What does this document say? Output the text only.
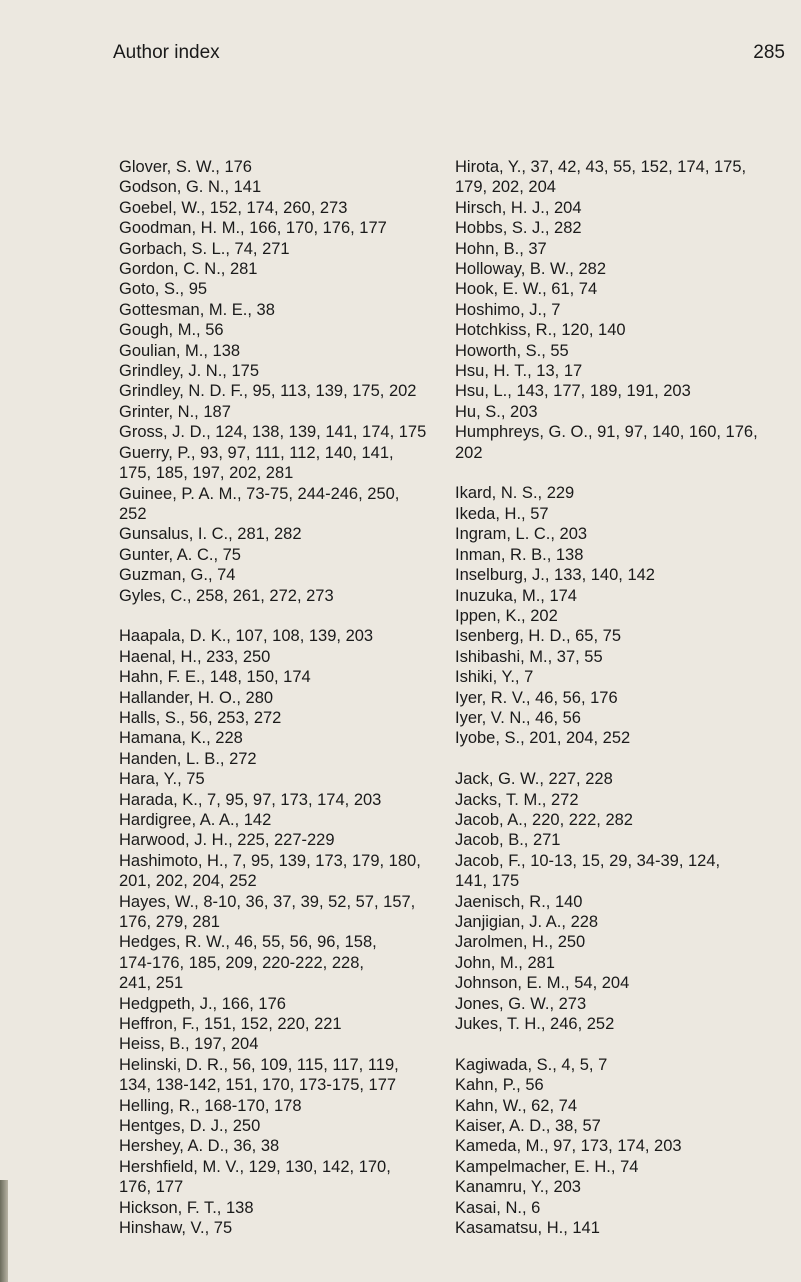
Author index	285
Glover, S. W., 176
Godson, G. N., 141
Goebel, W., 152, 174, 260, 273
Goodman, H. M., 166, 170, 176, 177
Gorbach, S. L., 74, 271
Gordon, C. N., 281
Goto, S., 95
Gottesman, M. E., 38
Gough, M., 56
Goulian, M., 138
Grindley, J. N., 175
Grindley, N. D. F., 95, 113, 139, 175, 202
Grinter, N., 187
Gross, J. D., 124, 138, 139, 141, 174, 175
Guerry, P., 93, 97, 111, 112, 140, 141,
175, 185, 197, 202, 281
Guinee, P. A. M., 73-75, 244-246, 250,
252
Gunsalus, I. C., 281, 282
Gunter, A. C., 75
Guzman, G., 74
Gyles, C., 258, 261, 272, 273
Haapala, D. K., 107, 108, 139, 203
Haenal, H., 233, 250
Hahn, F. E., 148, 150, 174
Hallander, H. O., 280
Halls, S., 56, 253, 272
Hamana, K., 228
Handen, L. B., 272
Hara, Y., 75
Harada, K., 7, 95, 97, 173, 174, 203
Hardigree, A. A., 142
Harwood, J. H., 225, 227-229
Hashimoto, H., 7, 95, 139, 173, 179, 180,
201, 202, 204, 252
Hayes, W., 8-10, 36, 37, 39, 52, 57, 157,
176, 279, 281
Hedges, R. W., 46, 55, 56, 96, 158,
174-176, 185, 209, 220-222, 228,
241, 251
Hedgpeth, J., 166, 176
Heffron, F., 151, 152, 220, 221
Heiss, B., 197, 204
Helinski, D. R., 56, 109, 115, 117, 119,
134, 138-142, 151, 170, 173-175, 177
Helling, R., 168-170, 178
Hentges, D. J., 250
Hershey, A. D., 36, 38
Hershfield, M. V., 129, 130, 142, 170,
176, 177
Hickson, F. T., 138
Hinshaw, V., 75
Hirota, Y., 37, 42, 43, 55, 152, 174, 175,
179, 202, 204
Hirsch, H. J., 204
Hobbs, S. J., 282
Hohn, B., 37
Holloway, B. W., 282
Hook, E. W., 61, 74
Hoshimo, J., 7
Hotchkiss, R., 120, 140
Howorth, S., 55
Hsu, H. T., 13, 17
Hsu, L., 143, 177, 189, 191, 203
Hu, S., 203
Humphreys, G. O., 91, 97, 140, 160, 176,
202
Ikard, N. S., 229
Ikeda, H., 57
Ingram, L. C., 203
Inman, R. B., 138
Inselburg, J., 133, 140, 142
Inuzuka, M., 174
Ippen, K., 202
Isenberg, H. D., 65, 75
Ishibashi, M., 37, 55
Ishiki, Y., 7
Iyer, R. V., 46, 56, 176
Iyer, V. N., 46, 56
Iyobe, S., 201, 204, 252
Jack, G. W., 227, 228
Jacks, T. M., 272
Jacob, A., 220, 222, 282
Jacob, B., 271
Jacob, F., 10-13, 15, 29, 34-39, 124,
141, 175
Jaenisch, R., 140
Janjigian, J. A., 228
Jarolmen, H., 250
John, M., 281
Johnson, E. M., 54, 204
Jones, G. W., 273
Jukes, T. H., 246, 252
Kagiwada, S., 4, 5, 7
Kahn, P., 56
Kahn, W., 62, 74
Kaiser, A. D., 38, 57
Kameda, M., 97, 173, 174, 203
Kampelmacher, E. H., 74
Kanamru, Y., 203
Kasai, N., 6
Kasamatsu, H., 141
